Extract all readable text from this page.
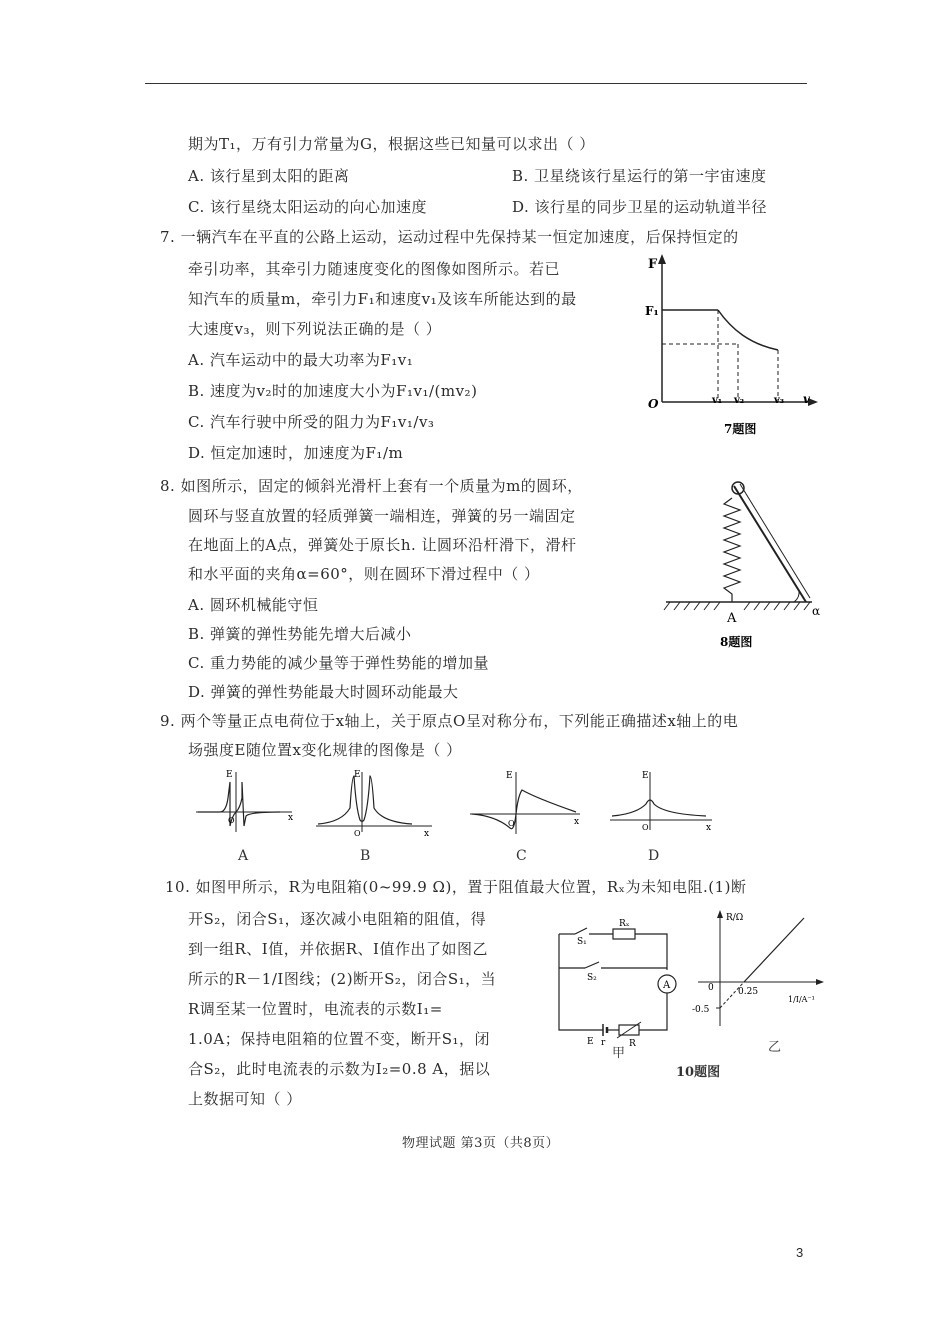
期为T₁，万有引力常量为G，根据这些已知量可以求出（ ）
A. 该行星到太阳的距离	B. 卫星绕该行星运行的第一宇宙速度
C. 该行星绕太阳运动的向心加速度	D. 该行星的同步卫星的运动轨道半径
7. 一辆汽车在平直的公路上运动，运动过程中先保持某一恒定加速度，后保持恒定的
牵引功率，其牵引力随速度变化的图像如图所示。若已
知汽车的质量m，牵引力F₁和速度v₁及该车所能达到的最
大速度v₃，则下列说法正确的是（ ）
A. 汽车运动中的最大功率为F₁v₁
B. 速度为v₂时的加速度大小为F₁v₁/(mv₂)
C. 汽车行驶中所受的阻力为F₁v₁/v₃
D. 恒定加速时，加速度为F₁/m
F
F₁
O	v₁ v₂	v₃ v
7题图
8. 如图所示，固定的倾斜光滑杆上套有一个质量为m的圆环，
圆环与竖直放置的轻质弹簧一端相连，弹簧的另一端固定
在地面上的A点，弹簧处于原长h. 让圆环沿杆滑下，滑杆
和水平面的夹角α=60°，则在圆环下滑过程中（ ）
A. 圆环机械能守恒
B. 弹簧的弹性势能先增大后减小
C. 重力势能的减少量等于弹性势能的增加量
D. 弹簧的弹性势能最大时圆环动能最大
A	α
8题图
9. 两个等量正点电荷位于x轴上，关于原点O呈对称分布，下列能正确描述x轴上的电
场强度E随位置x变化规律的图像是（ ）
E
x
O
A
E
x
O
B
E
x
O
C
E
x
O
D
10. 如图甲所示，R为电阻箱(0~99.9 Ω)，置于阻值最大位置，Rₓ为未知电阻.(1)断
开S₂，闭合S₁，逐次减小电阻箱的阻值，得
到一组R、I值，并依据R、I值作出了如图乙
所示的R－1/I图线；(2)断开S₂，闭合S₁，当
R调至某一位置时，电流表的示数I₁=
1.0A；保持电阻箱的位置不变，断开S₁，闭
合S₂，此时电流表的示数为I₂=0.8 A，据以
上数据可知（ ）
A
Rₓ
S₁
S₂
E r	R
甲
R/Ω
0	0.25
-0.5
1/I/A⁻¹
乙
10题图
物理试题 第3页（共8页）
3
